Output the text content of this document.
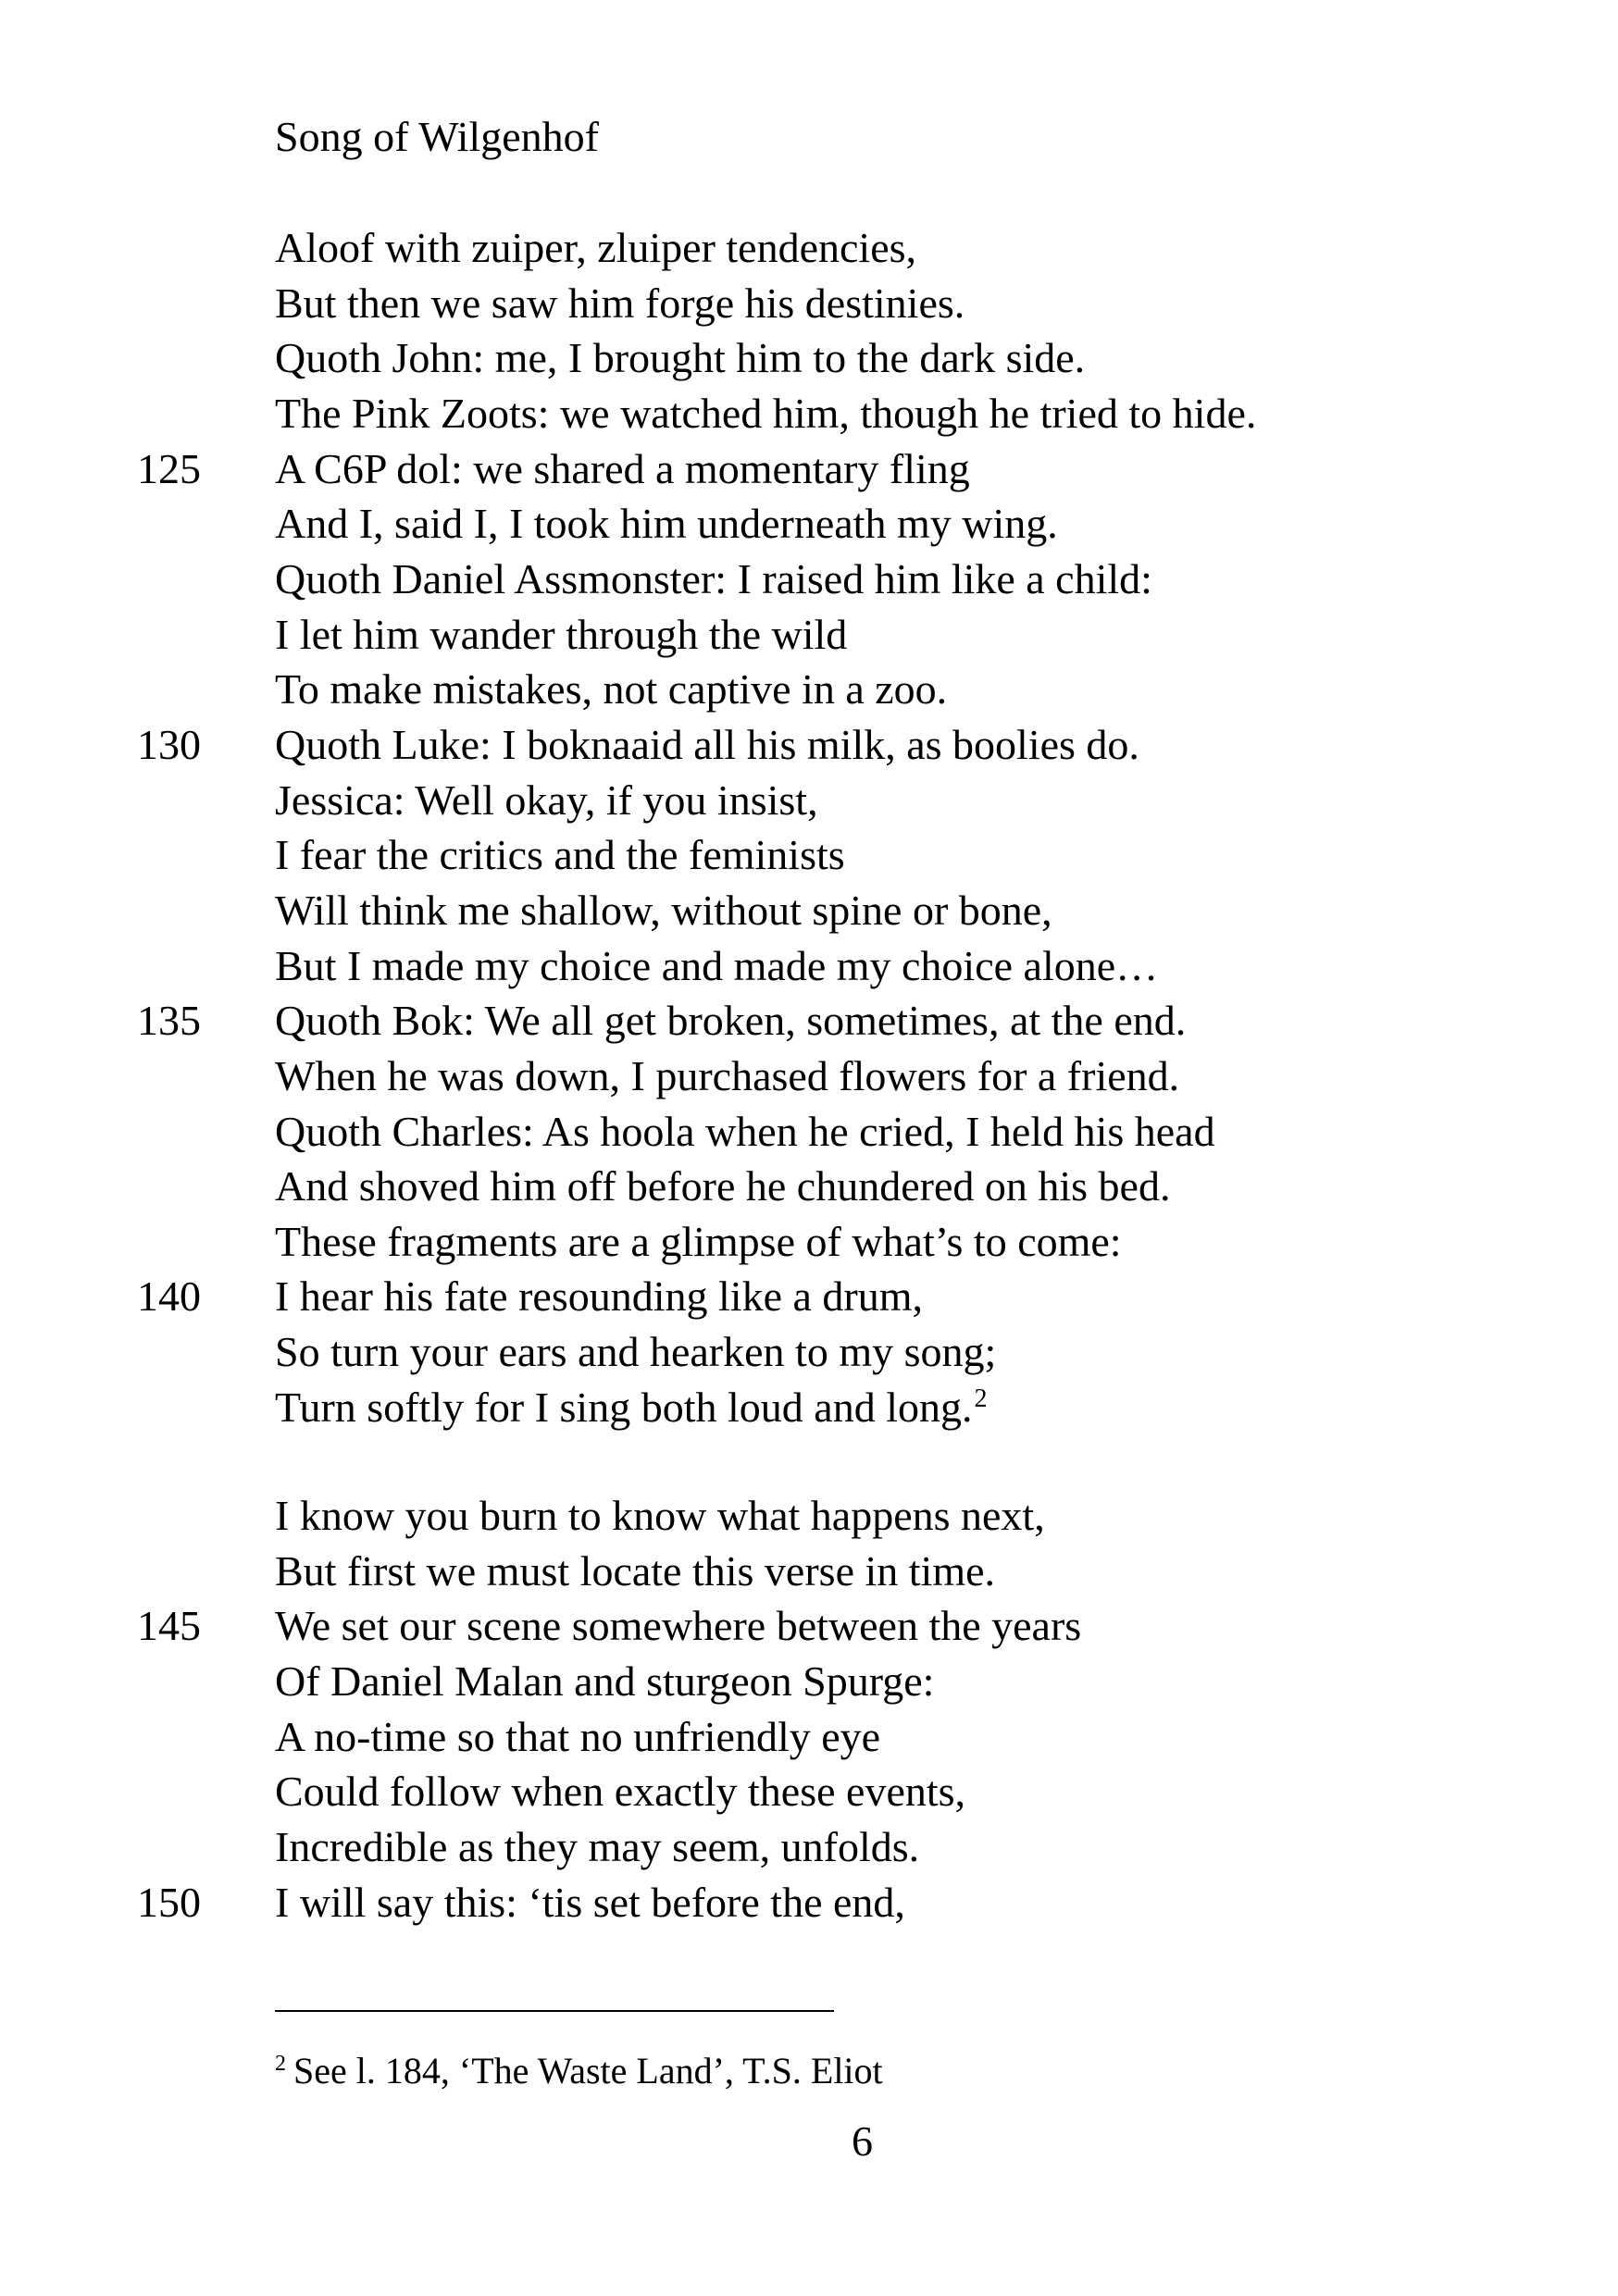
Song of Wilgenhof
Aloof with zuiper, zluiper tendencies,
But then we saw him forge his destinies.
Quoth John: me, I brought him to the dark side.
The Pink Zoots: we watched him, though he tried to hide.
125 A C6P dol: we shared a momentary fling
And I, said I, I took him underneath my wing.
Quoth Daniel Assmonster: I raised him like a child:
I let him wander through the wild
To make mistakes, not captive in a zoo.
130 Quoth Luke: I boknaaid all his milk, as boolies do.
Jessica: Well okay, if you insist,
I fear the critics and the feminists
Will think me shallow, without spine or bone,
But I made my choice and made my choice alone…
135 Quoth Bok: We all get broken, sometimes, at the end.
When he was down, I purchased flowers for a friend.
Quoth Charles: As hoola when he cried, I held his head
And shoved him off before he chundered on his bed.
These fragments are a glimpse of what’s to come:
140 I hear his fate resounding like a drum,
So turn your ears and hearken to my song;
Turn softly for I sing both loud and long.$^2$
I know you burn to know what happens next,
But first we must locate this verse in time.
145 We set our scene somewhere between the years
Of Daniel Malan and sturgeon Spurge:
A no-time so that no unfriendly eye
Could follow when exactly these events,
Incredible as they may seem, unfolds.
150 I will say this: ‘tis set before the end,
$^2$ See l. 184, ‘The Waste Land’, T.S. Eliot
6
